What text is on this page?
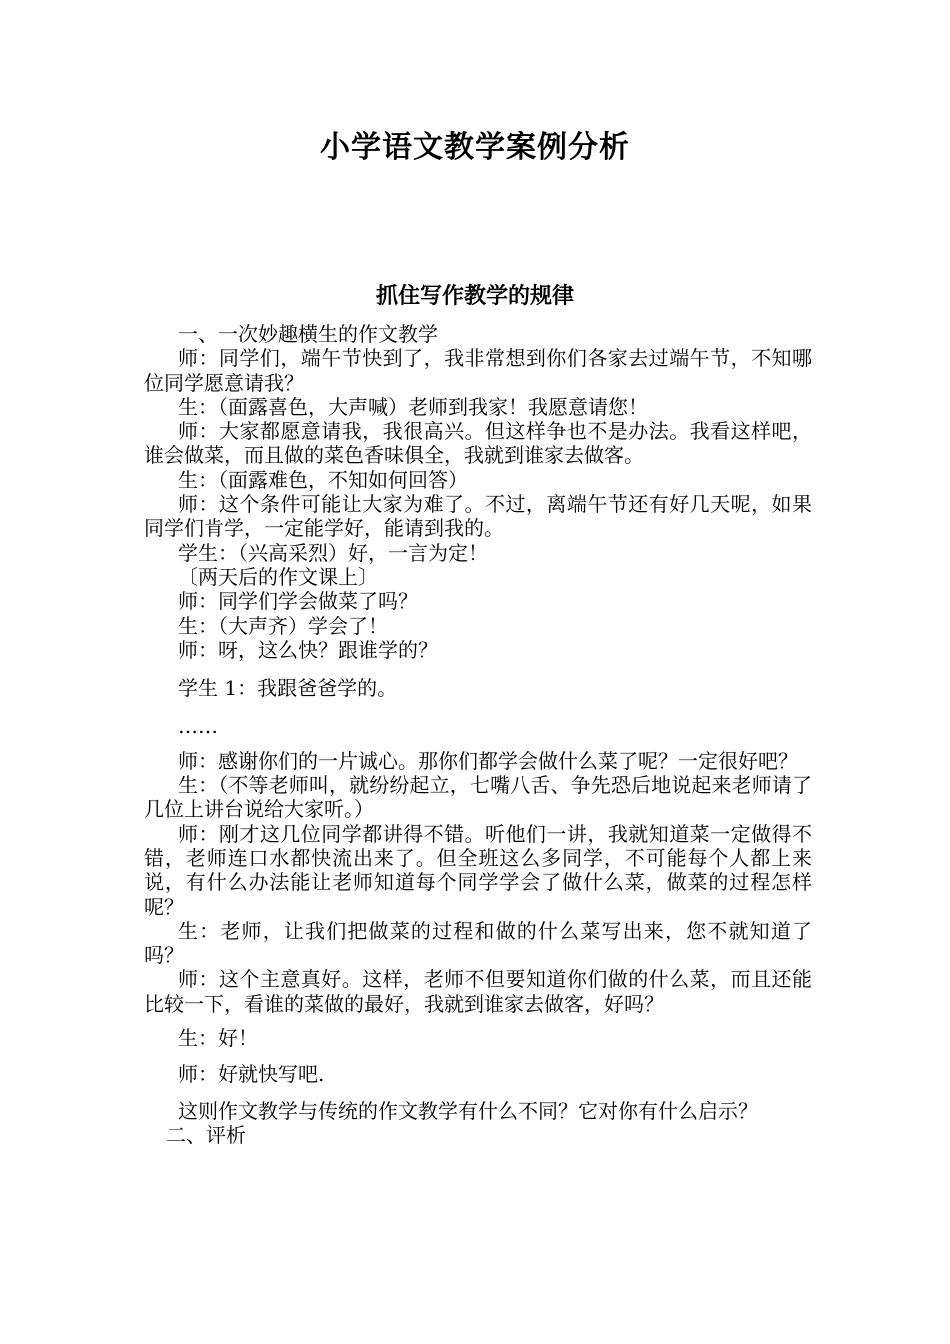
小学语文教学案例分析
抓住写作教学的规律

一、一次妙趣横生的作文教学

师：同学们，端午节快到了，我非常想到你们各家去过端午节，不知哪位同学愿意请我？

生：（面露喜色，大声喊）老师到我家！我愿意请您！

师：大家都愿意请我，我很高兴。但这样争也不是办法。我看这样吧，谁会做菜，而且做的菜色香味俱全，我就到谁家去做客。

生：（面露难色，不知如何回答）

师：这个条件可能让大家为难了。不过，离端午节还有好几天呢，如果同学们肯学，一定能学好，能请到我的。

学生：（兴高采烈）好，一言为定！

〔两天后的作文课上〕

师：同学们学会做菜了吗？

生：（大声齐）学会了！

师：呀，这么快？跟谁学的？

学生 1：我跟爸爸学的。

……

师：感谢你们的一片诚心。那你们都学会做什么菜了呢？一定很好吧？

生：（不等老师叫，就纷纷起立，七嘴八舌、争先恐后地说起来老师请了几位上讲台说给大家听。）

师：刚才这几位同学都讲得不错。听他们一讲，我就知道菜一定做得不错，老师连口水都快流出来了。但全班这么多同学，不可能每个人都上来说，有什么办法能让老师知道每个同学学会了做什么菜，做菜的过程怎样呢？

生：老师，让我们把做菜的过程和做的什么菜写出来，您不就知道了吗？

师：这个主意真好。这样，老师不但要知道你们做的什么菜，而且还能比较一下，看谁的菜做的最好，我就到谁家去做客，好吗？

生：好！

师：好就快写吧.

这则作文教学与传统的作文教学有什么不同？它对你有什么启示？

二、评析
